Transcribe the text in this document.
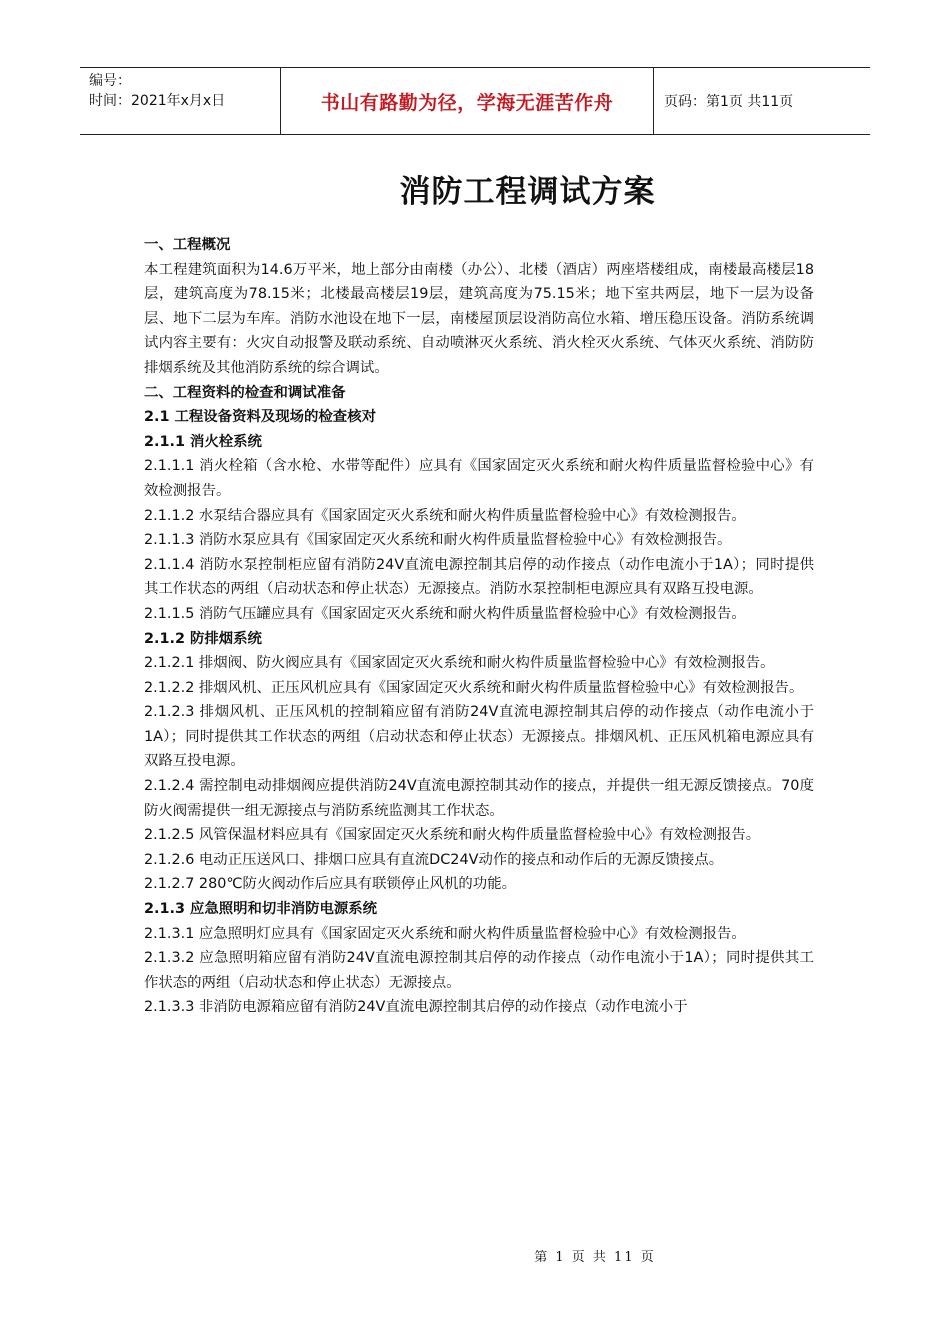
编号：
时间：2021年x月x日	书山有路勤为径，学海无涯苦作舟	页码：第1页 共11页
消防工程调试方案

一、工程概况

本工程建筑面积为14.6万平米，地上部分由南楼（办公）、北楼（酒店）两座塔楼组成，南楼最高楼层18层，建筑高度为78.15米；北楼最高楼层19层，建筑高度为75.15米；地下室共两层，地下一层为设备层、地下二层为车库。消防水池设在地下一层，南楼屋顶层设消防高位水箱、增压稳压设备。消防系统调试内容主要有：火灾自动报警及联动系统、自动喷淋灭火系统、消火栓灭火系统、气体灭火系统、消防防排烟系统及其他消防系统的综合调试。

二、工程资料的检查和调试准备

2.1 工程设备资料及现场的检查核对

2.1.1 消火栓系统

2.1.1.1 消火栓箱（含水枪、水带等配件）应具有《国家固定灭火系统和耐火构件质量监督检验中心》有效检测报告。

2.1.1.2 水泵结合器应具有《国家固定灭火系统和耐火构件质量监督检验中心》有效检测报告。

2.1.1.3 消防水泵应具有《国家固定灭火系统和耐火构件质量监督检验中心》有效检测报告。

2.1.1.4 消防水泵控制柜应留有消防24V直流电源控制其启停的动作接点（动作电流小于1A）；同时提供其工作状态的两组（启动状态和停止状态）无源接点。消防水泵控制柜电源应具有双路互投电源。

2.1.1.5 消防气压罐应具有《国家固定灭火系统和耐火构件质量监督检验中心》有效检测报告。

2.1.2 防排烟系统

2.1.2.1 排烟阀、防火阀应具有《国家固定灭火系统和耐火构件质量监督检验中心》有效检测报告。

2.1.2.2 排烟风机、正压风机应具有《国家固定灭火系统和耐火构件质量监督检验中心》有效检测报告。

2.1.2.3 排烟风机、正压风机的控制箱应留有消防24V直流电源控制其启停的动作接点（动作电流小于1A）；同时提供其工作状态的两组（启动状态和停止状态）无源接点。排烟风机、正压风机箱电源应具有双路互投电源。

2.1.2.4 需控制电动排烟阀应提供消防24V直流电源控制其动作的接点，并提供一组无源反馈接点。70度防火阀需提供一组无源接点与消防系统监测其工作状态。

2.1.2.5 风管保温材料应具有《国家固定灭火系统和耐火构件质量监督检验中心》有效检测报告。

2.1.2.6 电动正压送风口、排烟口应具有直流DC24V动作的接点和动作后的无源反馈接点。

2.1.2.7 280℃防火阀动作后应具有联锁停止风机的功能。

2.1.3 应急照明和切非消防电源系统

2.1.3.1 应急照明灯应具有《国家固定灭火系统和耐火构件质量监督检验中心》有效检测报告。

2.1.3.2 应急照明箱应留有消防24V直流电源控制其启停的动作接点（动作电流小于1A）；同时提供其工作状态的两组（启动状态和停止状态）无源接点。

2.1.3.3 非消防电源箱应留有消防24V直流电源控制其启停的动作接点（动作电流小于

第 1 页 共 11 页
